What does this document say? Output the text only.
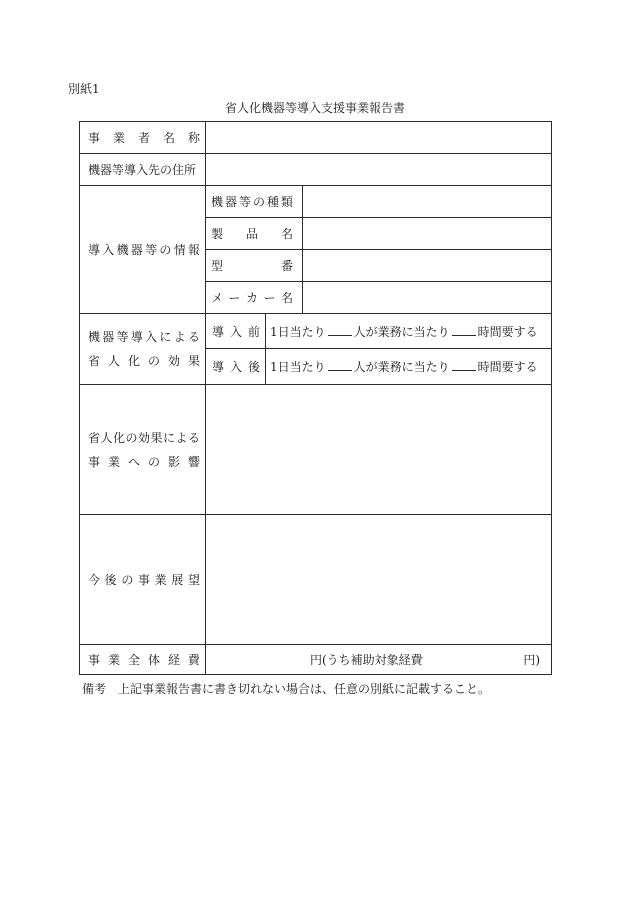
別紙1
省人化機器等導入支援事業報告書
事 業 者 名 称
機器等導入先の住所
導 入 機 器 等 の 情 報
機 器 等 の 種 類
製 品 名
型	番
メ ー カ ー 名
機器等導入による
省人化の効果
導 入 前 1日当たり 人が業務に当たり 時間要する
導 入 後 1日当たり 人が業務に当たり 時間要する
省人化の効果による
事業への影響
今 後 の 事 業 展 望
事 業 全 体 経 費	円(うち補助対象経費	円)
備考　上記事業報告書に書き切れない場合は、任意の別紙に記載すること。
